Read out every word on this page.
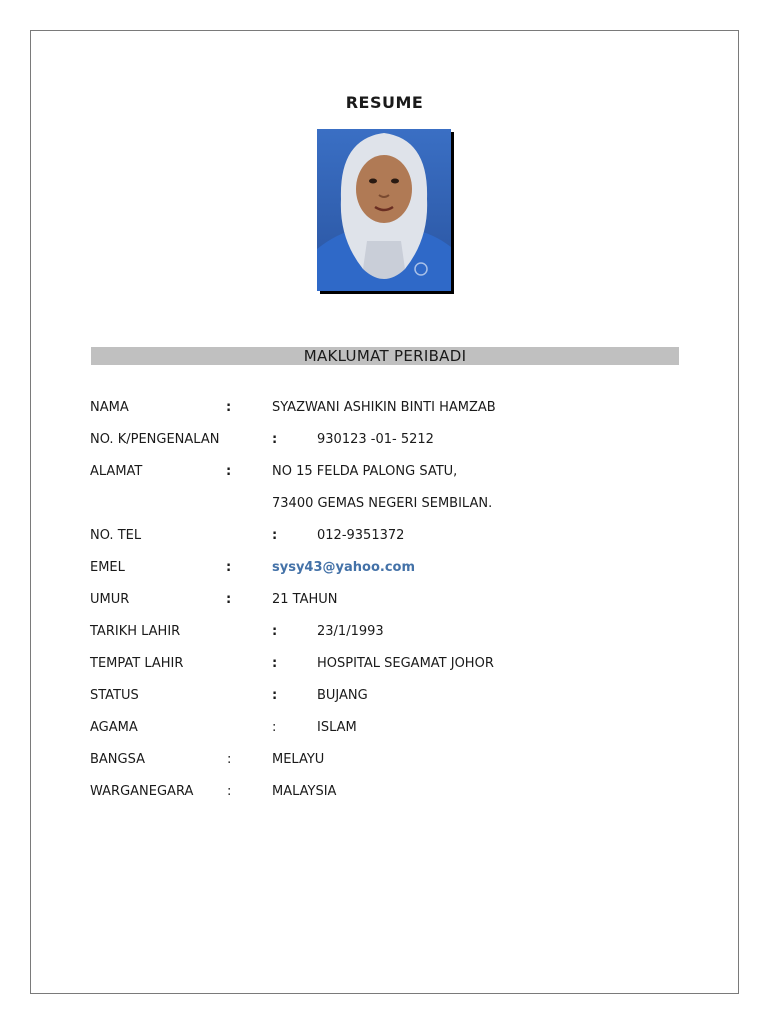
RESUME
MAKLUMAT PERIBADI
NAMA	:	SYAZWANI ASHIKIN BINTI HAMZAB
NO. K/PENGENALAN	:	930123 -01- 5212
ALAMAT	:	NO 15 FELDA PALONG SATU,
73400 GEMAS NEGERI SEMBILAN.
NO. TEL	:	012-9351372
EMEL	:	sysy43@yahoo.com
UMUR	:	21 TAHUN
TARIKH LAHIR	:	23/1/1993
TEMPAT LAHIR	:	HOSPITAL SEGAMAT JOHOR
STATUS	:	BUJANG
AGAMA	:	ISLAM
BANGSA	:	MELAYU
WARGANEGARA	:	MALAYSIA
